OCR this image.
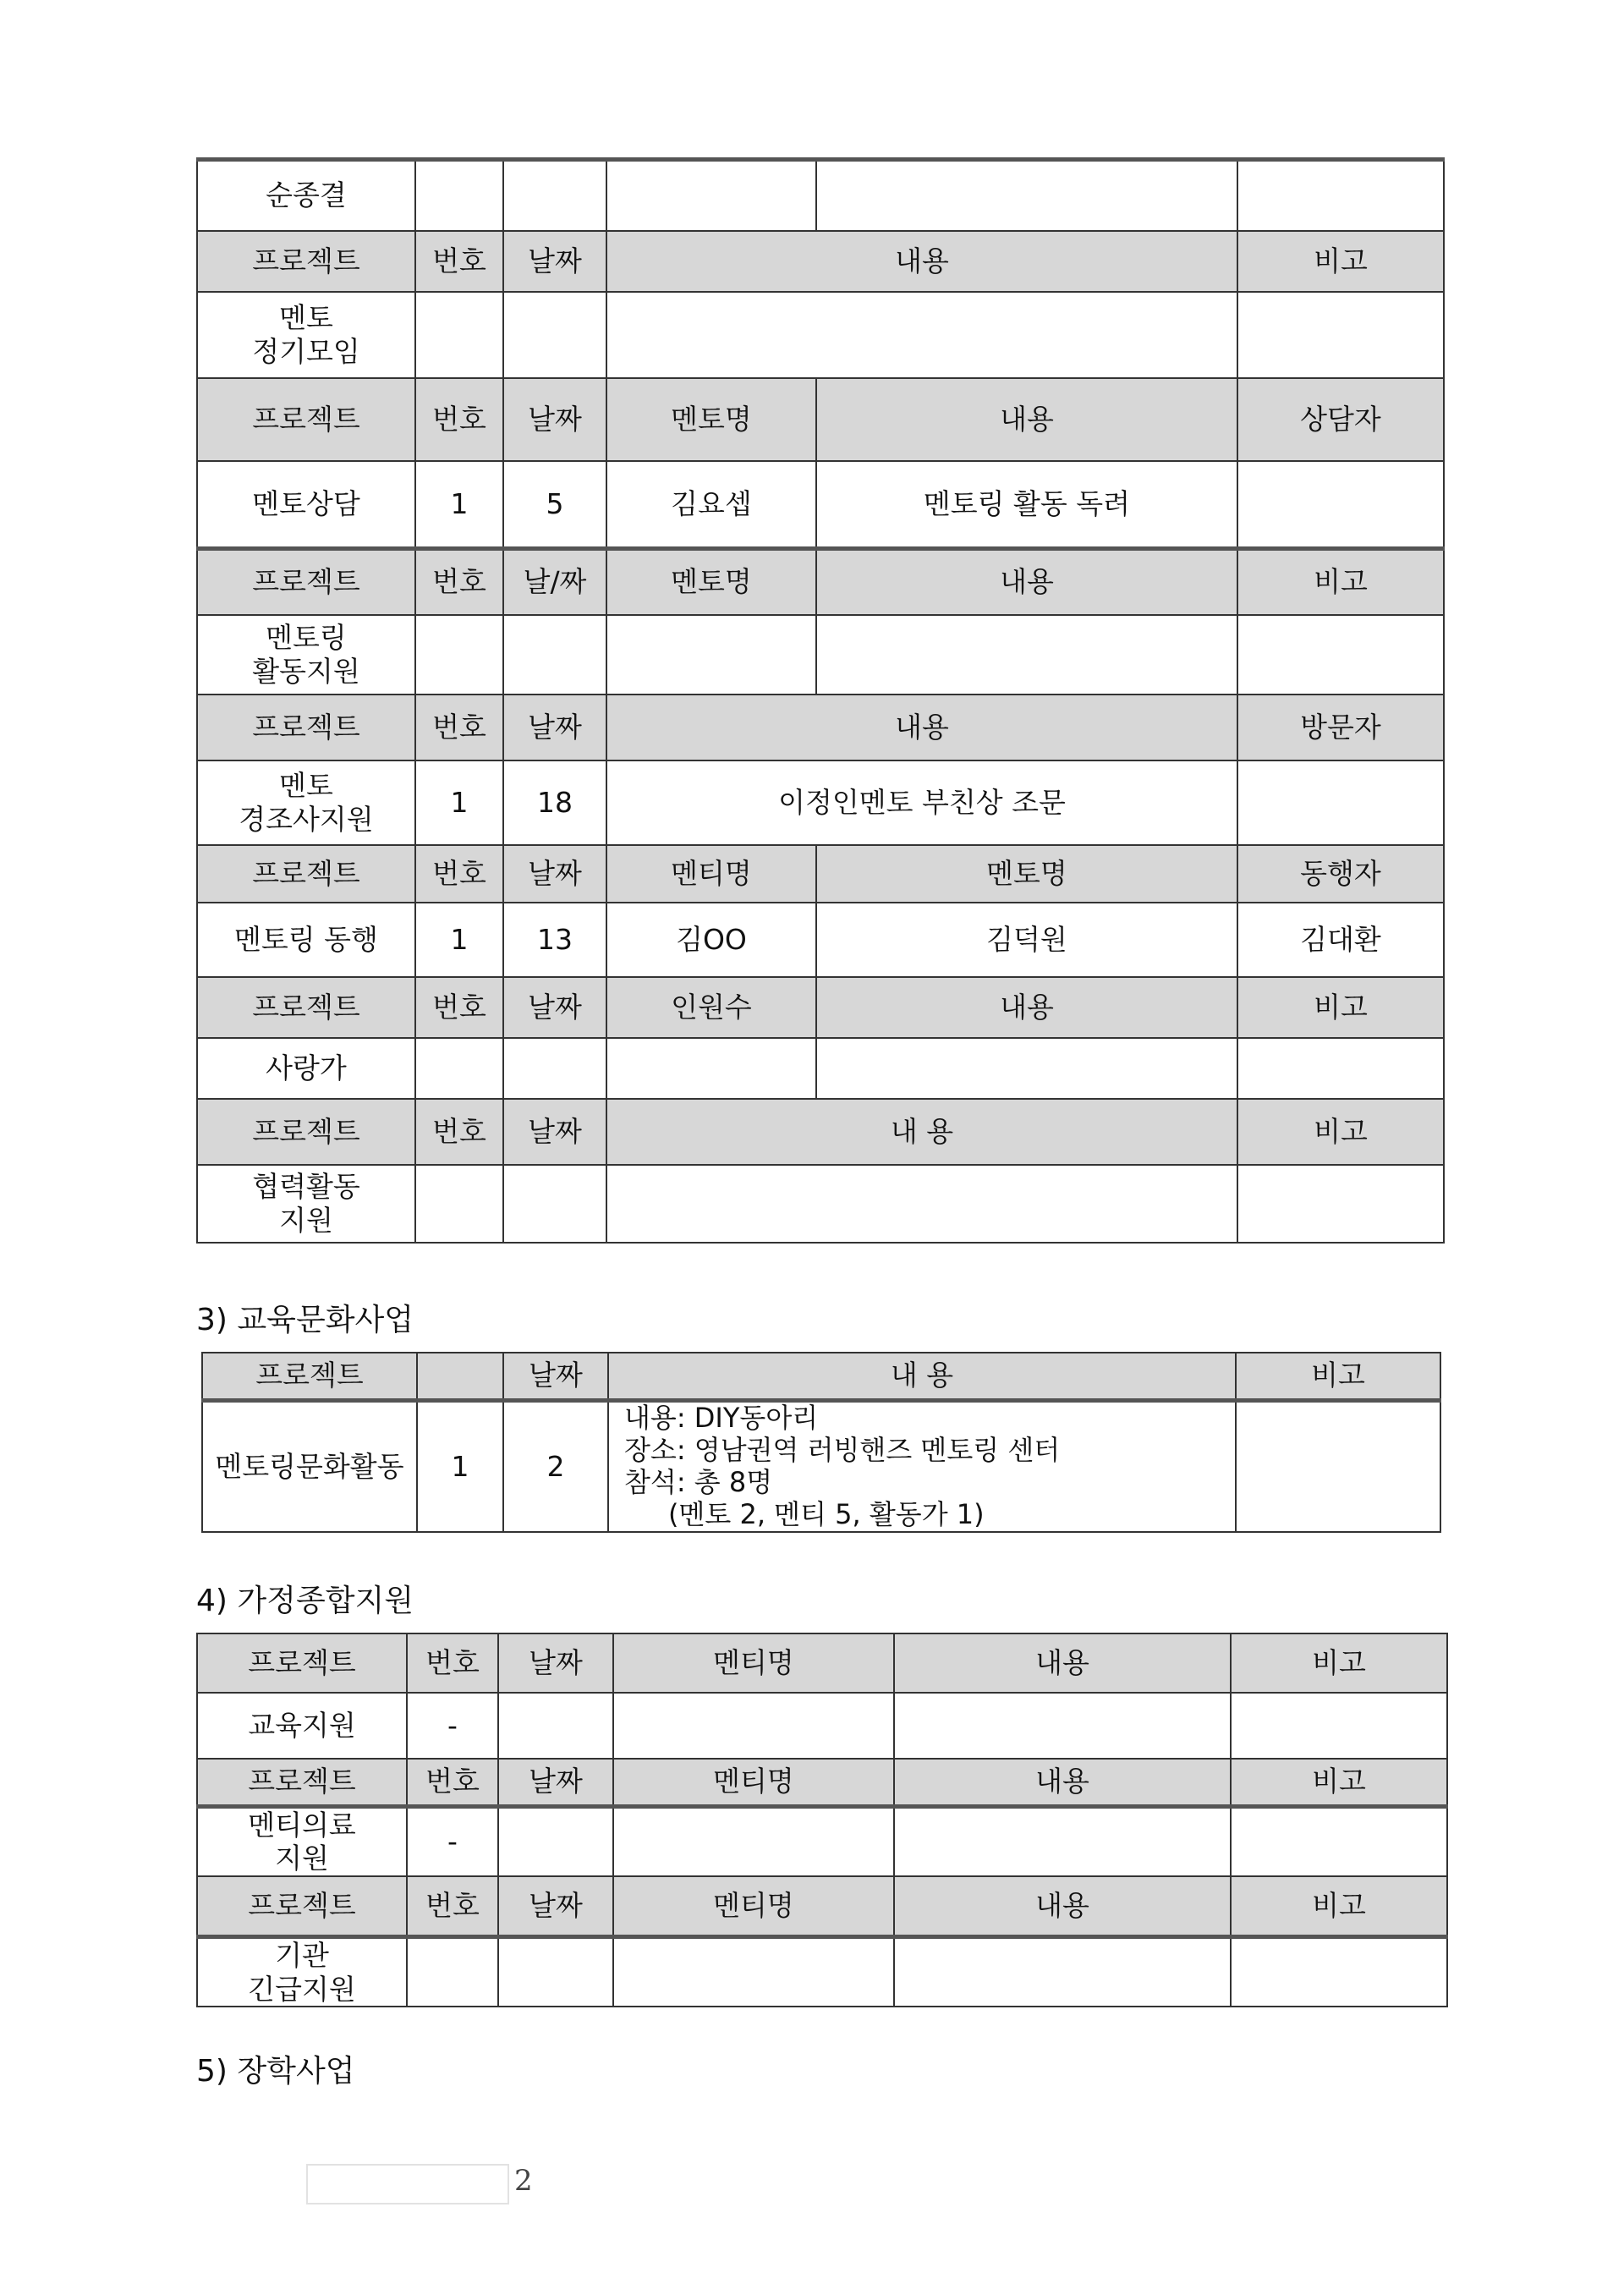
순종결					
프로젝트	번호	날짜	내용		비고

멘토
정기모임					

프로젝트	번호	날짜	멘토명	내용	상담자
멘토상담	1	5	김요셉	멘토링 활동 독려	
프로젝트	번호	날/짜	멘토명	내용	비고

멘토링
활동지원					

프로젝트	번호	날짜	내용		방문자

멘토
경조사지원	1	18	이정인멘토 부친상 조문		
프로젝트	번호	날짜	멘티명	멘토명	동행자
멘토링 동행	1	13	김OO	김덕원	김대환
프로젝트	번호	날짜	인원수	내용	비고
사랑가					
프로젝트	번호	날짜	내 용		비고

협력활동
지원					

3) 교육문화사업
프로젝트		날짜	내 용	비고
멘토링문화활동	1	2	내용: DIY동아리
장소: 영남권역 러빙핸즈 멘토링 센터
참석: 총 8명
(멘토 2, 멘티 5, 활동가 1)	

4) 가정종합지원
프로젝트	번호	날짜	멘티명	내용	비고
교육지원	-				
프로젝트	번호	날짜	멘티명	내용	비고

멘티의료
지원	-				
프로젝트	번호	날짜	멘티명	내용	비고

기관
긴급지원					

5) 장학사업
2
